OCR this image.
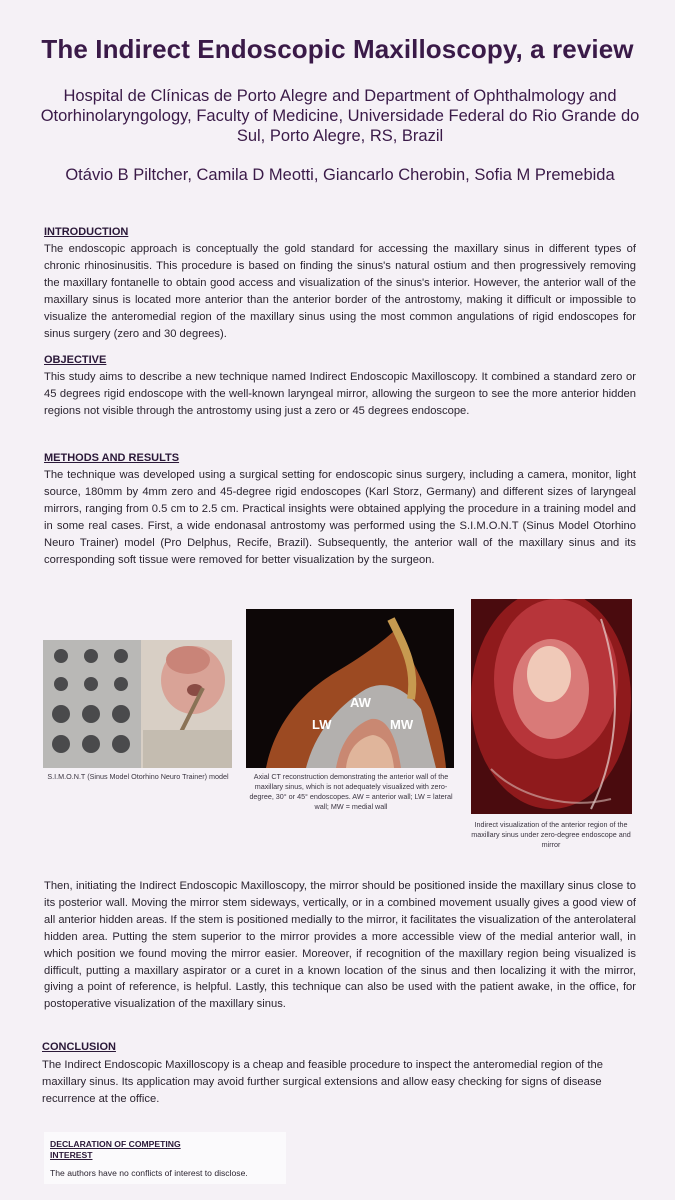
The Indirect Endoscopic Maxilloscopy, a review
Hospital de Clínicas de Porto Alegre and Department of Ophthalmology and Otorhinolaryngology, Faculty of Medicine, Universidade Federal do Rio Grande do Sul, Porto Alegre, RS, Brazil
Otávio B Piltcher, Camila D Meotti, Giancarlo Cherobin, Sofia M Premebida
INTRODUCTION
The endoscopic approach is conceptually the gold standard for accessing the maxillary sinus in different types of chronic rhinosinusitis. This procedure is based on finding the sinus's natural ostium and then progressively removing the maxillary fontanelle to obtain good access and visualization of the sinus's interior. However, the anterior wall of the maxillary sinus is located more anterior than the anterior border of the antrostomy, making it difficult or impossible to visualize the anteromedial region of the maxillary sinus using the most common angulations of rigid endoscopes for sinus surgery (zero and 30 degrees).
OBJECTIVE
This study aims to describe a new technique named Indirect Endoscopic Maxilloscopy. It combined a standard zero or 45 degrees rigid endoscope with the well-known laryngeal mirror, allowing the surgeon to see the more anterior hidden regions not visible through the antrostomy using just a zero or 45 degrees endoscope.
METHODS AND RESULTS
The technique was developed using a surgical setting for endoscopic sinus surgery, including a camera, monitor, light source, 180mm by 4mm zero and 45-degree rigid endoscopes (Karl Storz, Germany) and different sizes of laryngeal mirrors, ranging from 0.5 cm to 2.5 cm. Practical insights were obtained applying the procedure in a training model and in some real cases. First, a wide endonasal antrostomy was performed using the S.I.M.O.N.T (Sinus Model Otorhino Neuro Trainer) model (Pro Delphus, Recife, Brazil). Subsequently, the anterior wall of the maxillary sinus and its corresponding soft tissue were removed for better visualization by the surgeon.
S.I.M.O.N.T (Sinus Model Otorhino Neuro Trainer) model
AW
LW	MW
Axial CT reconstruction demonstrating the anterior wall of the maxillary sinus, which is not adequately visualized with zero-degree, 30° or 45° endoscopes. AW = anterior wall; LW = lateral wall; MW = medial wall
Indirect visualization of the anterior region of the maxillary sinus under zero-degree endoscope and mirror
Then, initiating the Indirect Endoscopic Maxilloscopy, the mirror should be positioned inside the maxillary sinus close to its posterior wall. Moving the mirror stem sideways, vertically, or in a combined movement usually gives a good view of all anterior hidden areas. If the stem is positioned medially to the mirror, it facilitates the visualization of the anterolateral hidden area. Putting the stem superior to the mirror provides a more accessible view of the medial anterior wall, in which position we found moving the mirror easier. Moreover, if recognition of the maxillary region being visualized is difficult, putting a maxillary aspirator or a curet in a known location of the sinus and then localizing it with the mirror, giving a point of reference, is helpful. Lastly, this technique can also be used with the patient awake, in the office, for postoperative visualization of the maxillary sinus.
CONCLUSION
The Indirect Endoscopic Maxilloscopy is a cheap and feasible procedure to inspect the anteromedial region of the maxillary sinus. Its application may avoid further surgical extensions and allow easy checking for signs of disease recurrence at the office.
DECLARATION OF COMPETING INTEREST
The authors have no conflicts of interest to disclose.
